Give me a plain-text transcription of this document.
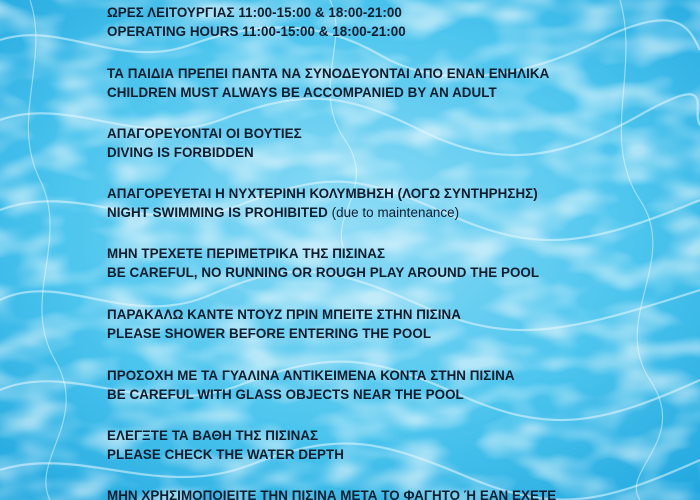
ΩΡΕΣ ΛΕΙΤΟΥΡΓΙΑΣ 11:00-15:00 & 18:00-21:00
OPERATING HOURS 11:00-15:00 & 18:00-21:00
ΤΑ ΠΑΙΔΙΑ ΠΡΕΠΕΙ ΠΑΝΤΑ ΝΑ ΣΥΝΟΔΕΥΟΝΤΑΙ ΑΠΟ ΕΝΑΝ ΕΝΗΛΙΚΑ
CHILDREN MUST ALWAYS BE ACCOMPANIED BY AN ADULT
ΑΠΑΓΟΡΕΥΟΝΤΑΙ ΟΙ ΒΟΥΤΙΕΣ
DIVING IS FORBIDDEN
ΑΠΑΓΟΡΕΥΕΤΑΙ Η ΝΥΧΤΕΡΙΝΗ ΚΟΛΥΜΒΗΣΗ (ΛΟΓΩ ΣΥΝΤΗΡΗΣΗΣ)
NIGHT SWIMMING IS PROHIBITED (due to maintenance)
ΜΗΝ ΤΡΕΧΕΤΕ ΠΕΡΙΜΕΤΡΙΚΑ ΤΗΣ ΠΙΣΙΝΑΣ
BE CAREFUL, NO RUNNING OR ROUGH PLAY AROUND THE POOL
ΠΑΡΑΚΑΛΩ ΚΑΝΤΕ ΝΤΟΥΖ ΠΡΙΝ ΜΠΕΙΤΕ ΣΤΗΝ ΠΙΣΙΝΑ
PLEASE SHOWER BEFORE ENTERING THE POOL
ΠΡΟΣΟΧΗ ΜΕ ΤΑ ΓΥΑΛΙΝΑ ΑΝΤΙΚΕΙΜΕΝΑ ΚΟΝΤΑ ΣΤΗΝ ΠΙΣΙΝΑ
BE CAREFUL WITH GLASS OBJECTS NEAR THE POOL
ΕΛΕΓΞΤΕ ΤΑ ΒΑΘΗ ΤΗΣ ΠΙΣΙΝΑΣ
PLEASE CHECK THE WATER DEPTH
ΜΗΝ ΧΡΗΣΙΜΟΠΟΙΕΙΤΕ ΤΗΝ ΠΙΣΙΝΑ ΜΕΤΑ ΤΟ ΦΑΓΗΤΟ Ή ΕΑΝ ΕΧΕΤΕ
